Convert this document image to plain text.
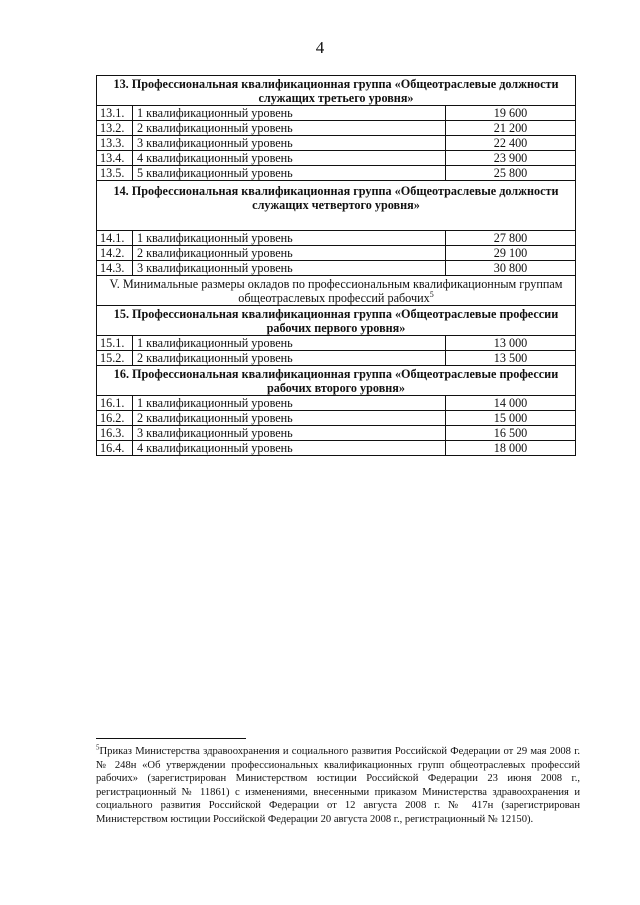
4
13. Профессиональная квалификационная группа «Общеотраслевые должности служащих третьего уровня»		
13.1.	1 квалификационный уровень	19 600
13.2.	2 квалификационный уровень	21 200
13.3.	3 квалификационный уровень	22 400
13.4.	4 квалификационный уровень	23 900
13.5.	5 квалификационный уровень	25 800
14. Профессиональная квалификационная группа «Общеотраслевые должности служащих четвертого уровня»		
14.1.	1 квалификационный уровень	27 800
14.2.	2 квалификационный уровень	29 100
14.3.	3 квалификационный уровень	30 800
V. Минимальные размеры окладов по профессиональным квалификационным группам общеотраслевых профессий рабочих$^5$
15. Профессиональная квалификационная группа «Общеотраслевые профессии рабочих первого уровня»		
15.1.	1 квалификационный уровень	13 000
15.2.	2 квалификационный уровень	13 500
16. Профессиональная квалификационная группа «Общеотраслевые профессии рабочих второго уровня»		
16.1.	1 квалификационный уровень	14 000
16.2.	2 квалификационный уровень	15 000
16.3.	3 квалификационный уровень	16 500
16.4.	4 квалификационный уровень	18 000
$^5$Приказ Министерства здравоохранения и социального развития Российской Федерации от 29 мая 2008 г. № 248н «Об утверждении профессиональных квалификационных групп общеотраслевых профессий рабочих» (зарегистрирован Министерством юстиции Российской Федерации 23 июня 2008 г., регистрационный № 11861) с изменениями, внесенными приказом Министерства здравоохранения и социального развития Российской Федерации от 12 августа 2008 г. № 417н (зарегистрирован Министерством юстиции Российской Федерации 20 августа 2008 г., регистрационный № 12150).
